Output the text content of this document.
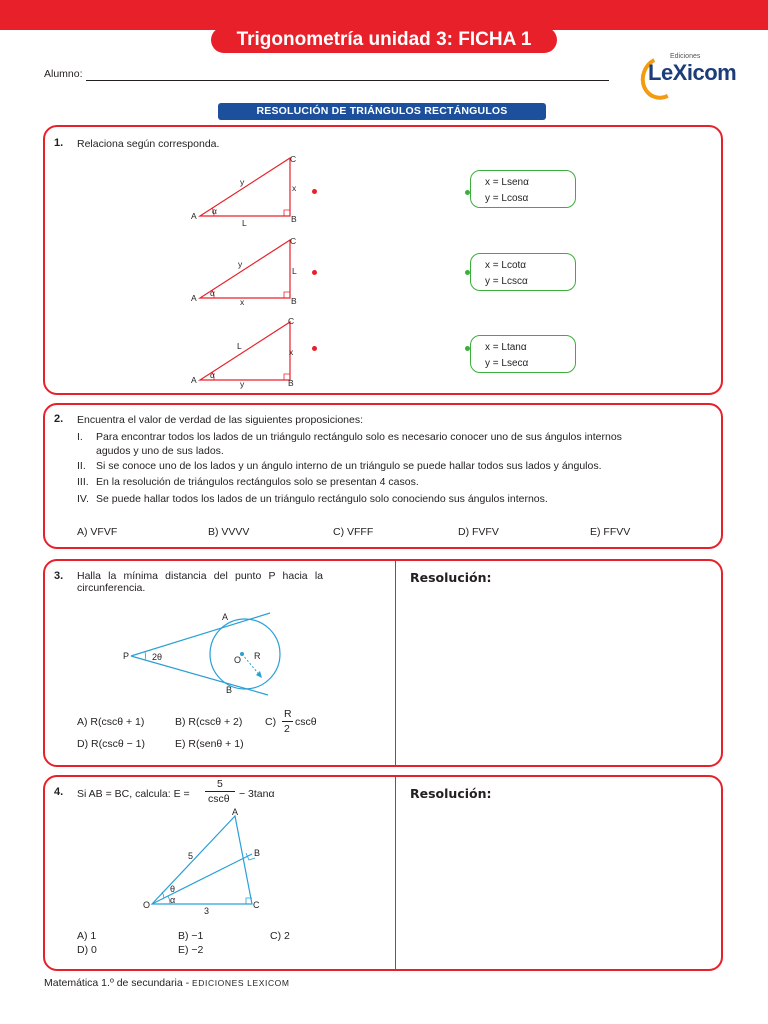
Trigonometría unidad 3: FICHA 1
Alumno:
Ediciones
LeXicom
RESOLUCIÓN DE TRIÁNGULOS RECTÁNGULOS
1. Relaciona según corresponda.
A	B
C
y
x
L
α
A	B
C
y
L
x
α
A	B
C
L
x
y
α
x = Lsenα
y = Lcosα
x = Lcotα
y = Lcscα
x = Ltanα
y = Lsecα
2. Encuentra el valor de verdad de las siguientes proposiciones:
I. Para encontrar todos los lados de un triángulo rectángulo solo es necesario conocer uno de sus ángulos internos
agudos y uno de sus lados.
II. Si se conoce uno de los lados y un ángulo interno de un triángulo se puede hallar todos sus lados y ángulos.
III. En la resolución de triángulos rectángulos solo se presentan 4 casos.
IV. Se puede hallar todos los lados de un triángulo rectángulo solo conociendo sus ángulos internos.
A) VFVF	B) VVVV	C) VFFF	D) FVFV	E) FFVV
3. Halla la mínima distancia del punto P hacia la
circunferencia.
Resolución:
P	2θ
A
B
O R
A) R(cscθ + 1)	B) R(cscθ + 2) C)
R
2
cscθ
D) R(cscθ − 1)	E) R(senθ + 1)
4. Si AB = BC, calcula: E =
5
cscθ − 3tanα	Resolución:
A
B
C
O
5
3
θ
α
A) 1	B) −1	C) 2
D) 0	E) −2
Matemática 1.º de secundaria - EDICIONES LEXICOM
